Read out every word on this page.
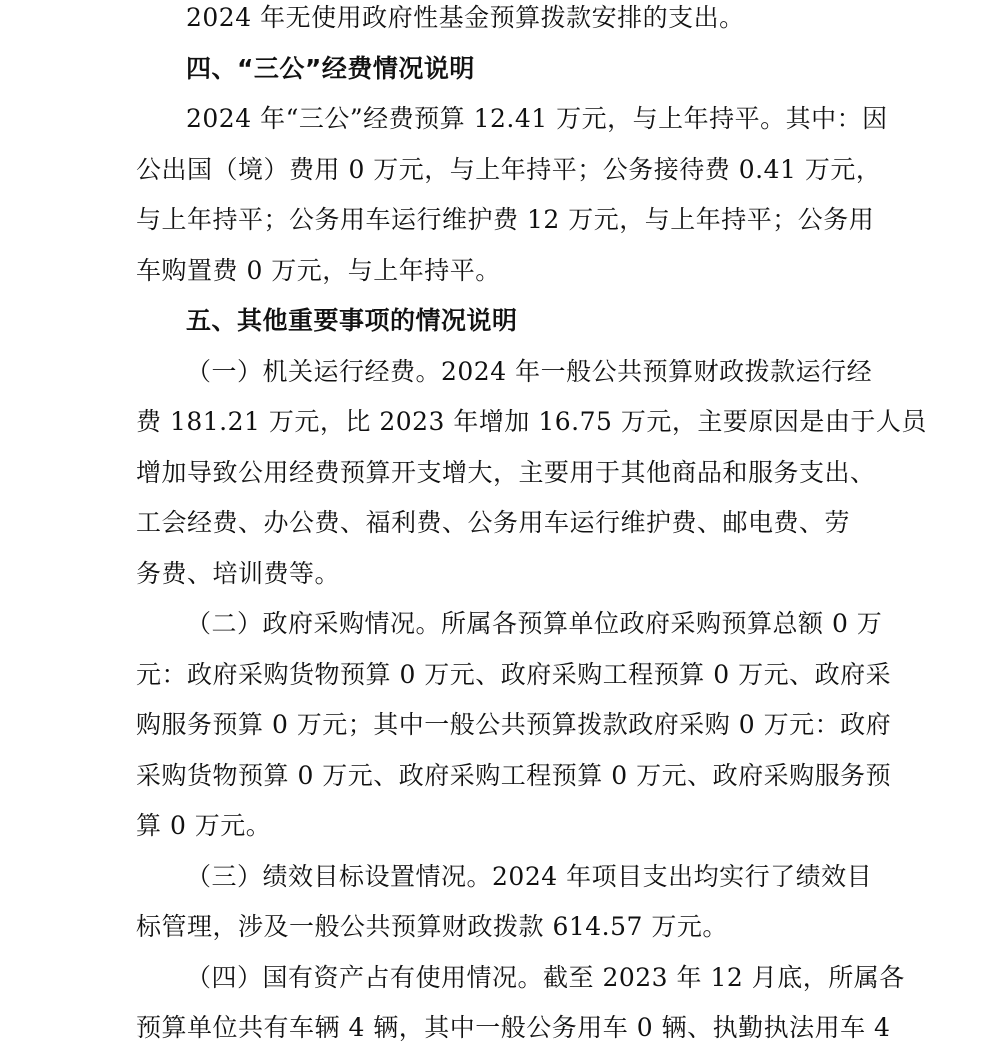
2024 年无使用政府性基金预算拨款安排的支出。
四、“三公”经费情况说明
2024 年“三公”经费预算 12.41 万元，与上年持平。其中：因
公出国（境）费用 0 万元，与上年持平；公务接待费 0.41 万元，
与上年持平；公务用车运行维护费 12 万元，与上年持平；公务用
车购置费 0 万元，与上年持平。
五、其他重要事项的情况说明
（一）机关运行经费。2024 年一般公共预算财政拨款运行经
费 181.21 万元，比 2023 年增加 16.75 万元，主要原因是由于人员
增加导致公用经费预算开支增大，主要用于其他商品和服务支出、
工会经费、办公费、福利费、公务用车运行维护费、邮电费、劳
务费、培训费等。
（二）政府采购情况。所属各预算单位政府采购预算总额 0 万
元：政府采购货物预算 0 万元、政府采购工程预算 0 万元、政府采
购服务预算 0 万元；其中一般公共预算拨款政府采购 0 万元：政府
采购货物预算 0 万元、政府采购工程预算 0 万元、政府采购服务预
算 0 万元。
（三）绩效目标设置情况。2024 年项目支出均实行了绩效目
标管理，涉及一般公共预算财政拨款 614.57 万元。
（四）国有资产占有使用情况。截至 2023 年 12 月底，所属各
预算单位共有车辆 4 辆，其中一般公务用车 0 辆、执勤执法用车 4
